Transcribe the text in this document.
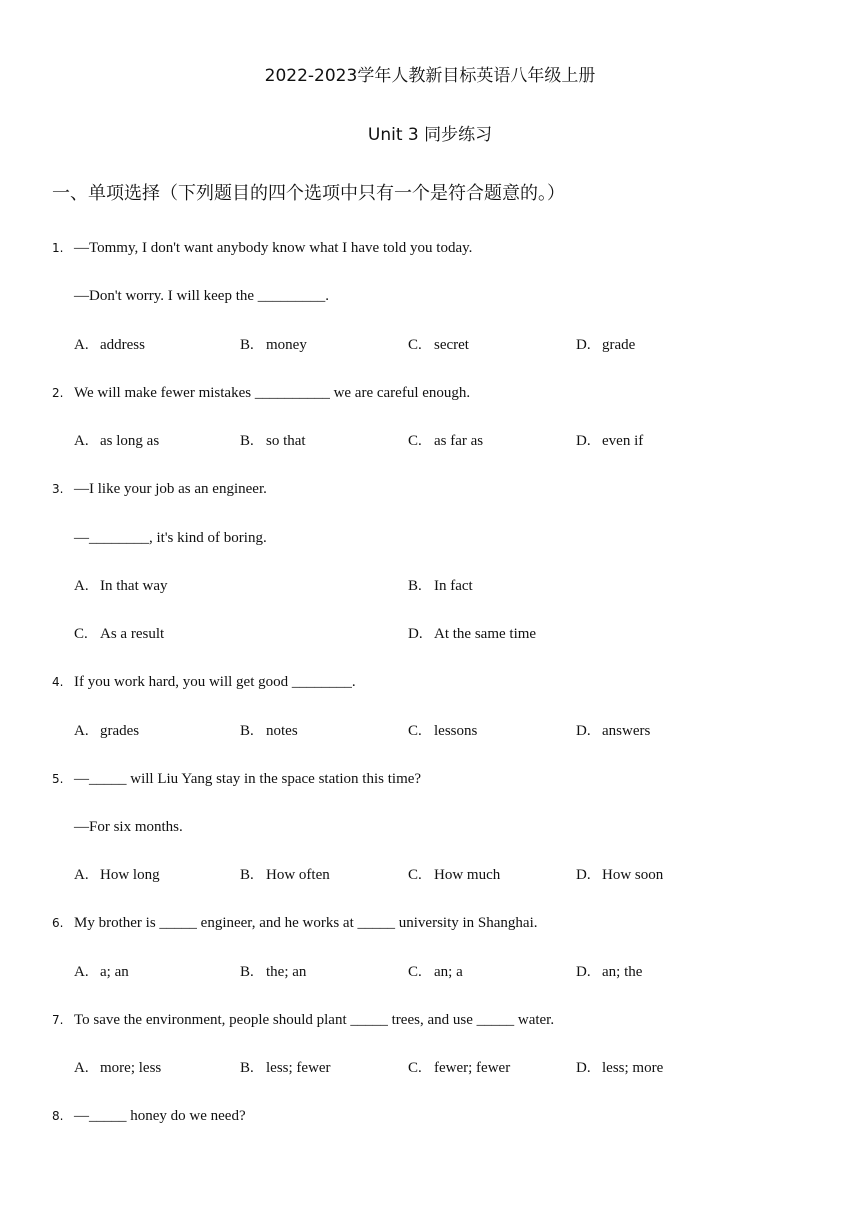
2022-2023学年人教新目标英语八年级上册
Unit 3 同步练习
一、单项选择（下列题目的四个选项中只有一个是符合题意的。）
1. —Tommy, I don't want anybody know what I have told you today.
—Don't worry. I will keep the _________.
A. address	B. money	C. secret	D. grade
2. We will make fewer mistakes __________ we are careful enough.
A. as long as	B. so that	C. as far as	D. even if
3. —I like your job as an engineer.
—________, it's kind of boring.
A. In that way	B. In fact
C. As a result	D. At the same time
4. If you work hard, you will get good ________.
A. grades	B. notes	C. lessons	D. answers
5. —_____ will Liu Yang stay in the space station this time?
—For six months.
A. How long	B. How often	C. How much	D. How soon
6. My brother is _____ engineer, and he works at _____ university in Shanghai.
A. a; an	B. the; an	C. an; a	D. an; the
7. To save the environment, people should plant _____ trees, and use _____ water.
A. more; less	B. less; fewer	C. fewer; fewer	D. less; more
8. —_____ honey do we need?
